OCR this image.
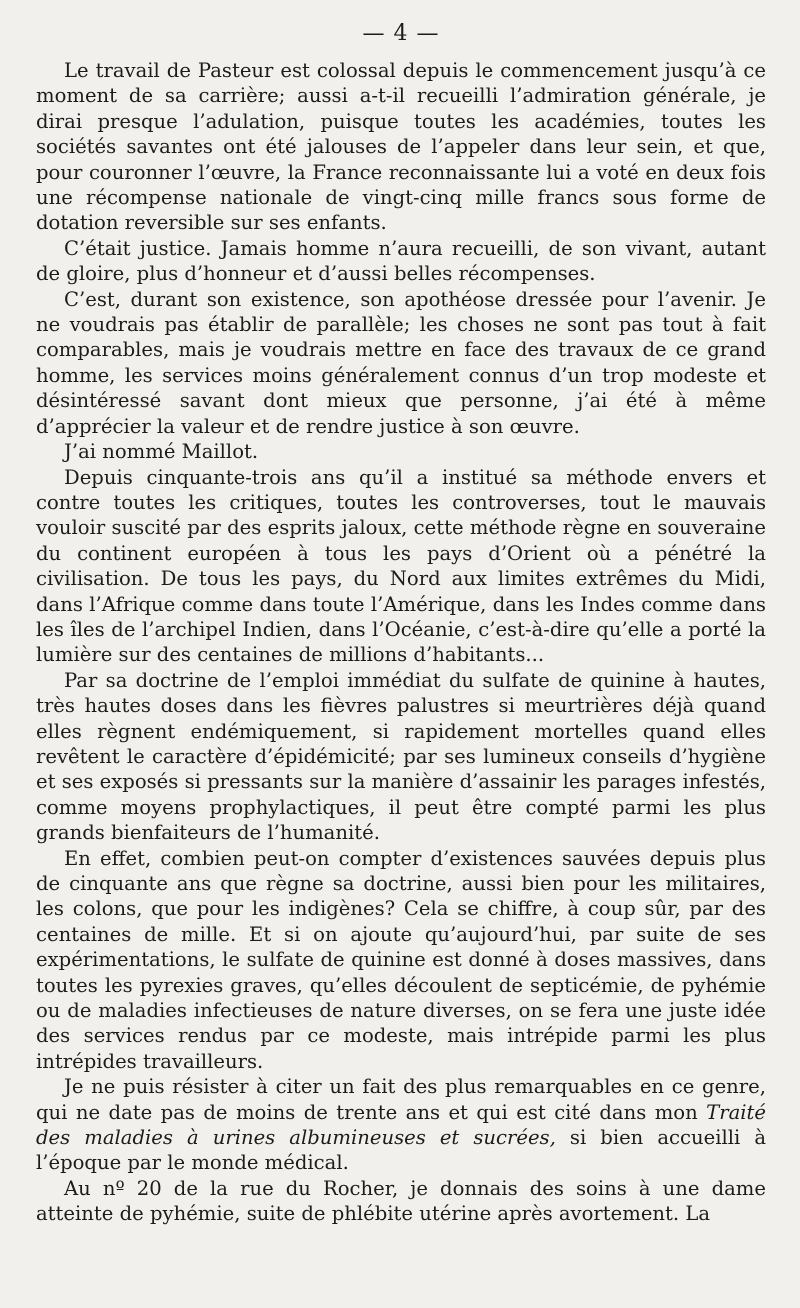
— 4 —

Le travail de Pasteur est colossal depuis le commencement jusqu’à ce moment de sa carrière; aussi a-t-il recueilli l’admiration générale, je dirai presque l’adulation, puisque toutes les académies, toutes les sociétés savantes ont été jalouses de l’appeler dans leur sein, et que, pour couronner l’œuvre, la France reconnaissante lui a voté en deux fois une récompense nationale de vingt-cinq mille francs sous forme de dotation reversible sur ses enfants.

C’était justice. Jamais homme n’aura recueilli, de son vivant, autant de gloire, plus d’honneur et d’aussi belles récompenses.

C’est, durant son existence, son apothéose dressée pour l’avenir. Je ne voudrais pas établir de parallèle; les choses ne sont pas tout à fait comparables, mais je voudrais mettre en face des travaux de ce grand homme, les services moins généralement connus d’un trop modeste et désintéressé savant dont mieux que personne, j’ai été à même d’apprécier la valeur et de rendre justice à son œuvre.

J’ai nommé Maillot.

Depuis cinquante-trois ans qu’il a institué sa méthode envers et contre toutes les critiques, toutes les controverses, tout le mauvais vouloir suscité par des esprits jaloux, cette méthode règne en souveraine du continent européen à tous les pays d’Orient où a pénétré la civilisation. De tous les pays, du Nord aux limites extrêmes du Midi, dans l’Afrique comme dans toute l’Amérique, dans les Indes comme dans les îles de l’archipel Indien, dans l’Océanie, c’est-à-dire qu’elle a porté la lumière sur des centaines de millions d’habitants...

Par sa doctrine de l’emploi immédiat du sulfate de quinine à hautes, très hautes doses dans les fièvres palustres si meurtrières déjà quand elles règnent endémiquement, si rapidement mortelles quand elles revêtent le caractère d’épidémicité; par ses lumineux conseils d’hygiène et ses exposés si pressants sur la manière d’assainir les parages infestés, comme moyens prophylactiques, il peut être compté parmi les plus grands bienfaiteurs de l’humanité.

En effet, combien peut-on compter d’existences sauvées depuis plus de cinquante ans que règne sa doctrine, aussi bien pour les militaires, les colons, que pour les indigènes? Cela se chiffre, à coup sûr, par des centaines de mille. Et si on ajoute qu’aujourd’hui, par suite de ses expérimentations, le sulfate de quinine est donné à doses massives, dans toutes les pyrexies graves, qu’elles découlent de septicémie, de pyhémie ou de maladies infectieuses de nature diverses, on se fera une juste idée des services rendus par ce modeste, mais intrépide parmi les plus intrépides travailleurs.

Je ne puis résister à citer un fait des plus remarquables en ce genre, qui ne date pas de moins de trente ans et qui est cité dans mon Traité des maladies à urines albumineuses et sucrées, si bien accueilli à l’époque par le monde médical.

Au nº 20 de la rue du Rocher, je donnais des soins à une dame atteinte de pyhémie, suite de phlébite utérine après avortement. La
